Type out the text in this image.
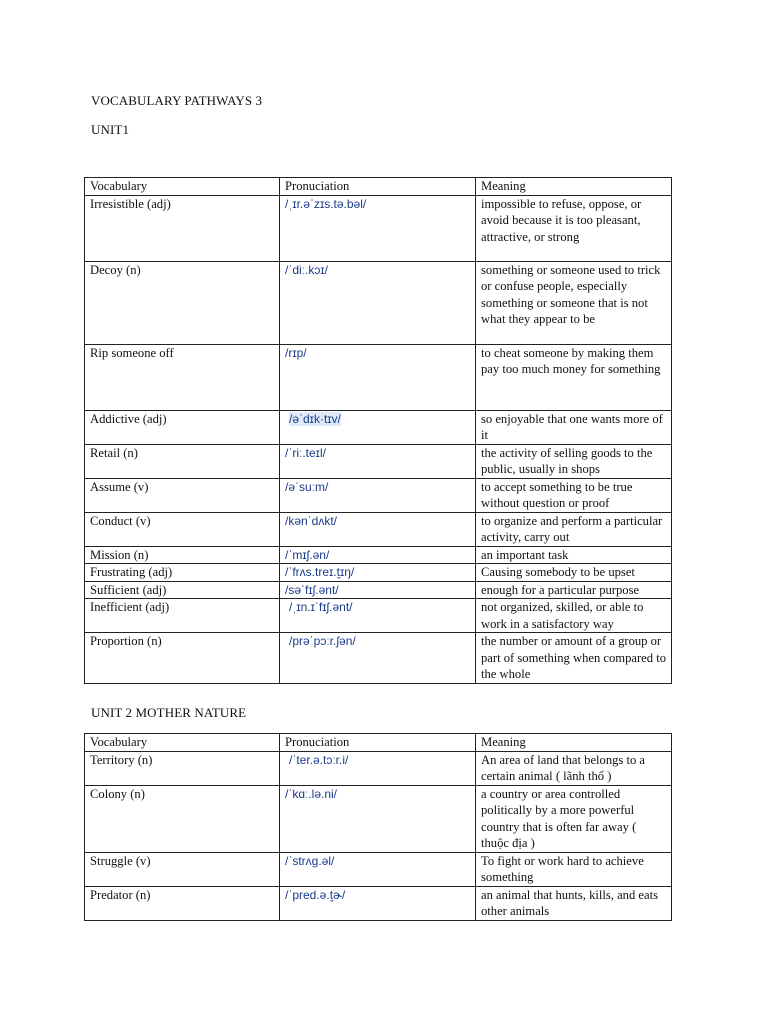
VOCABULARY PATHWAYS 3
UNIT1
Vocabulary	Pronuciation	Meaning
Irresistible (adj)	/ˌɪr.əˈzɪs.tə.bəl/	impossible to refuse, oppose, or avoid because it is too pleasant, attractive, or strong
Decoy (n)	/ˈdiː.kɔɪ/	something or someone used to trick or confuse people, especially something or someone that is not what they appear to be
Rip someone off	/rɪp/	to cheat someone by making them pay too much money for something
Addictive (adj)	/əˈdɪk·tɪv/	so enjoyable that one wants more of it
Retail (n)	/ˈriː.teɪl/	the activity of selling goods to the public, usually in shops
Assume (v)	/əˈsuːm/	to accept something to be true without question or proof
Conduct (v)	/kənˈdʌkt/	to organize and perform a particular activity, carry out
Mission (n)	/ˈmɪʃ.ən/	an important task
Frustrating (adj)	/ˈfrʌs.treɪ.t̬ɪŋ/	Causing somebody to be upset
Sufficient (adj)	/səˈfɪʃ.ənt/	enough for a particular purpose
Inefficient (adj)	/ˌɪn.ɪˈfɪʃ.ənt/	not organized, skilled, or able to work in a satisfactory way
Proportion (n)	/prəˈpɔːr.ʃən/	the number or amount of a group or part of something when compared to the whole
UNIT 2 MOTHER NATURE
Vocabulary	Pronuciation	Meaning
Territory (n)	/ˈter.ə.tɔːr.i/	An area of land that belongs to a certain animal ( lãnh thổ )
Colony (n)	/ˈkɑː.lə.ni/	a country or area controlled politically by a more powerful country that is often far away ( thuộc địa )
Struggle (v)	/ˈstrʌg.əl/	To fight or work hard to achieve something
Predator (n)	/ˈpred.ə.t̬ɚ/	an animal that hunts, kills, and eats other animals
